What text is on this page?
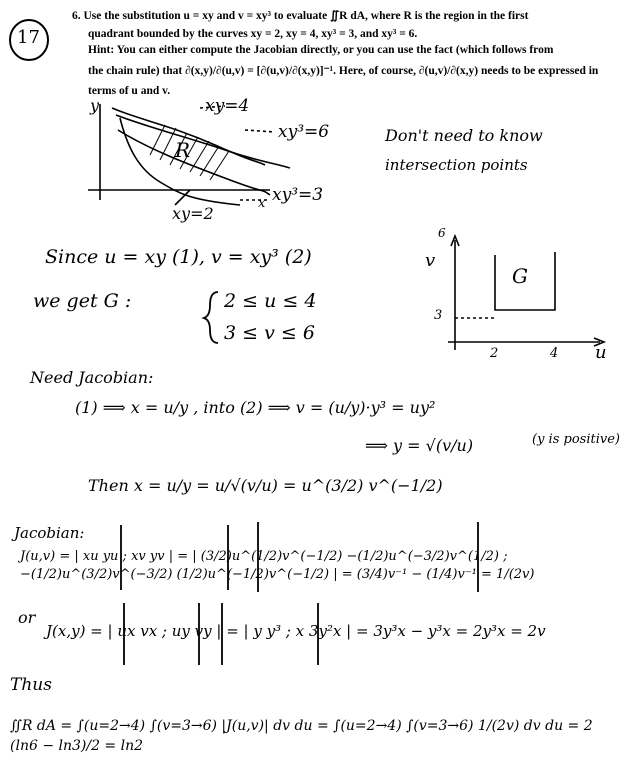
17
6. Use the substitution u = xy and v = xy³ to evaluate ∬R dA, where R is the region in the first
quadrant bounded by the curves xy = 2, xy = 4, xy³ = 3, and xy³ = 6.
Hint: You can either compute the Jacobian directly, or you can use the fact (which follows from
the chain rule) that ∂(x,y)/∂(u,v) = [∂(u,v)/∂(x,y)]⁻¹. Here, of course, ∂(u,v)/∂(x,y) needs to be expressed in
terms of u and v.
y	xy=4
xy³=6
R
xy³=3
xy=2
x
Don't need to know
intersection points
Since u = xy (1), v = xy³ (2)
we get G :	2 ≤ u ≤ 4
3 ≤ v ≤ 6
6
v
G
3
2	4 u
Need Jacobian:
(1) ⟹ x = u/y , into (2) ⟹ v = (u/y)·y³ = uy²
⟹ y = √(v/u)	(y is positive)
Then x = u/y = u/√(v/u) = u^(3/2) v^(−1/2)
Jacobian:
J(u,v) = | xu yu ; xv yv | = | (3/2)u^(1/2)v^(−1/2) −(1/2)u^(−3/2)v^(1/2) ; −(1/2)u^(3/2)v^(−3/2) (1/2)u^(−1/2)v^(−1/2) | = (3/4)v⁻¹ − (1/4)v⁻¹ = 1/(2v)
or
J(x,y) = | ux vx ; uy vy | = | y y³ ; x 3y²x | = 3y³x − y³x = 2y³x = 2v
Thus
∬R dA = ∫(u=2→4) ∫(v=3→6) |J(u,v)| dv du = ∫(u=2→4) ∫(v=3→6) 1/(2v) dv du = 2 (ln6 − ln3)/2 = ln2
